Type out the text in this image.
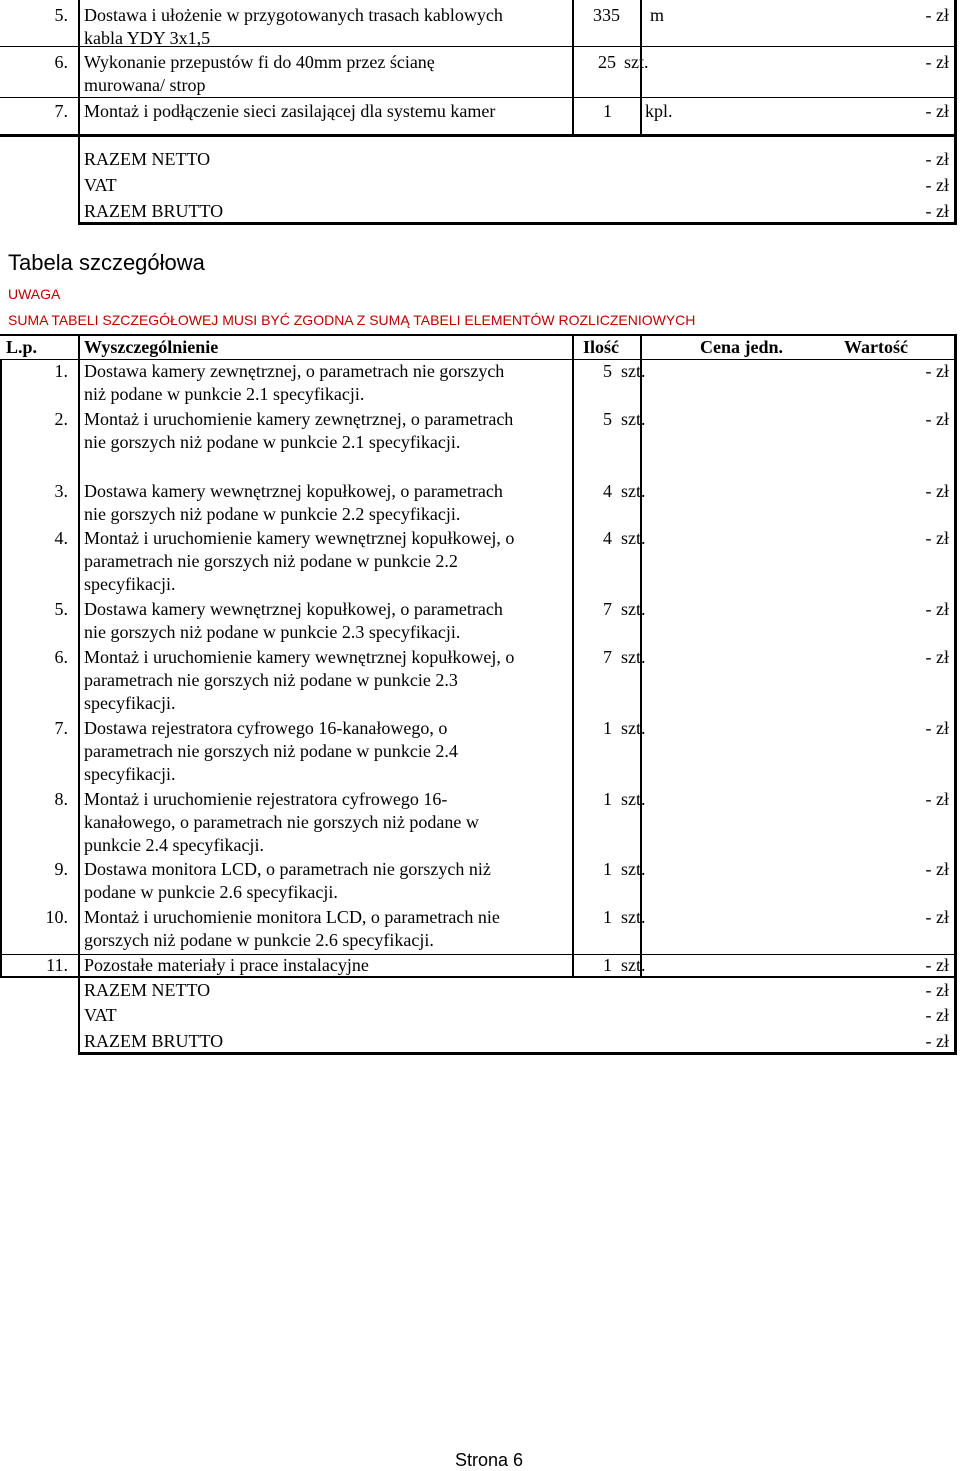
5. Dostawa i ułożenie w przygotowanych trasach kablowych
kabla YDY 3x1,5
335 m	- zł
6. Wykonanie przepustów fi do 40mm przez ścianę
murowana/ strop
25 szt.	- zł
7. Montaż i podłączenie sieci zasilającej dla systemu kamer	1 kpl.	- zł
RAZEM NETTO	- zł
VAT	- zł
RAZEM BRUTTO	- zł
Tabela szczegółowa
UWAGA
SUMA TABELI SZCZEGÓŁOWEJ MUSI BYĆ ZGODNA Z SUMĄ TABELI ELEMENTÓW ROZLICZENIOWYCH
L.p.	Wyszczególnienie	Ilość	Cena jedn.	Wartość
1. Dostawa kamery zewnętrznej, o parametrach nie gorszych
niż podane w punkcie 2.1 specyfikacji.
5 szt.	- zł
2. Montaż i uruchomienie kamery zewnętrznej, o parametrach
nie gorszych niż podane w punkcie 2.1 specyfikacji.
5 szt.	- zł
3. Dostawa kamery wewnętrznej kopułkowej, o parametrach
nie gorszych niż podane w punkcie 2.2 specyfikacji.
4 szt.	- zł
4. Montaż i uruchomienie kamery wewnętrznej kopułkowej, o
parametrach nie gorszych niż podane w punkcie 2.2
specyfikacji.
4 szt.	- zł
5. Dostawa kamery wewnętrznej kopułkowej, o parametrach
nie gorszych niż podane w punkcie 2.3 specyfikacji.
7 szt.	- zł
6. Montaż i uruchomienie kamery wewnętrznej kopułkowej, o
parametrach nie gorszych niż podane w punkcie 2.3
specyfikacji.
7 szt.	- zł
7. Dostawa rejestratora cyfrowego 16-kanałowego, o
parametrach nie gorszych niż podane w punkcie 2.4
specyfikacji.
1 szt.	- zł
8. Montaż i uruchomienie rejestratora cyfrowego 16-
kanałowego, o parametrach nie gorszych niż podane w
punkcie 2.4 specyfikacji.
1 szt.	- zł
9. Dostawa monitora LCD, o parametrach nie gorszych niż
podane w punkcie 2.6 specyfikacji.
1 szt.	- zł
10. Montaż i uruchomienie monitora LCD, o parametrach nie
gorszych niż podane w punkcie 2.6 specyfikacji.
1 szt.	- zł
11. Pozostałe materiały i prace instalacyjne	1 szt.	- zł
RAZEM NETTO	- zł
VAT	- zł
RAZEM BRUTTO	- zł
Strona 6
